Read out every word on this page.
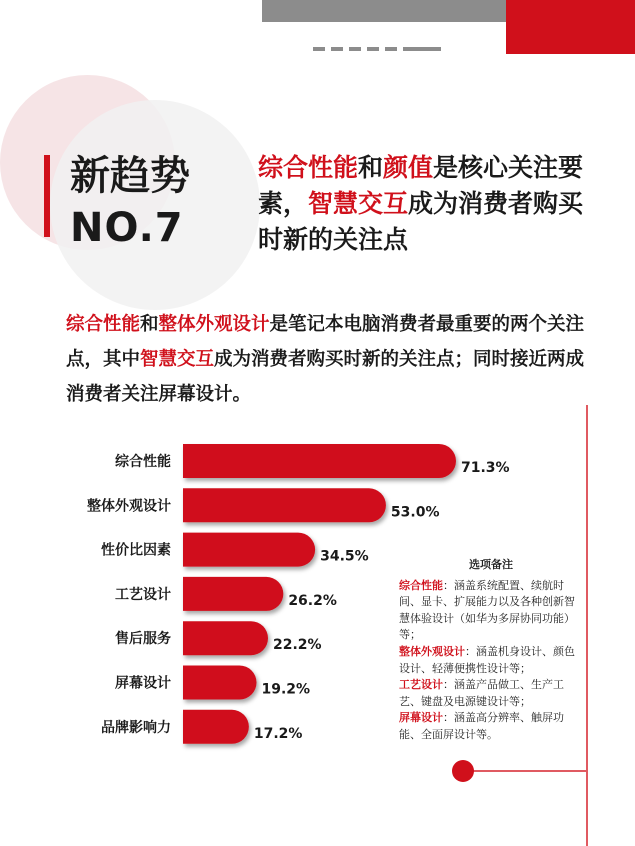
新趋势
NO.7
综合性能和颜值是核心关注要素，智慧交互成为消费者购买时新的关注点
综合性能和整体外观设计是笔记本电脑消费者最重要的两个关注点，其中智慧交互成为消费者购买时新的关注点；同时接近两成消费者关注屏幕设计。
综合性能	71.3%
整体外观设计	53.0%
性价比因素	34.5%
工艺设计	26.2%
售后服务	22.2%
屏幕设计	19.2%
品牌影响力	17.2%
选项备注

综合性能：涵盖系统配置、续航时间、显卡、扩展能力以及各种创新智慧体验设计（如华为多屏协同功能）等；

整体外观设计：涵盖机身设计、颜色设计、轻薄便携性设计等；

工艺设计：涵盖产品做工、生产工艺、键盘及电源键设计等；

屏幕设计：涵盖高分辨率、触屏功能、全面屏设计等。
